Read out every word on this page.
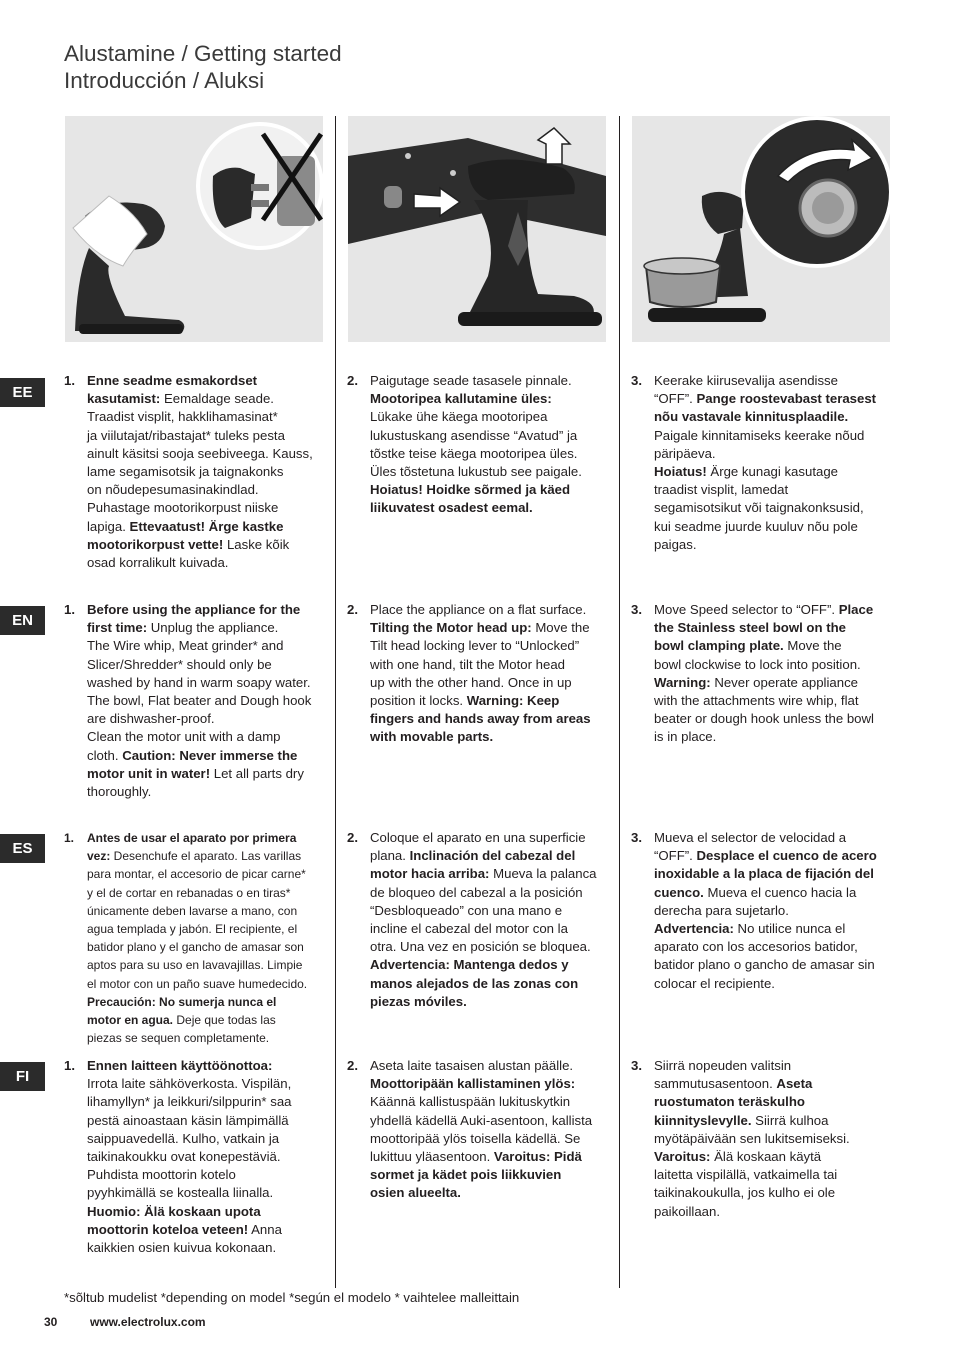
Alustamine / Getting started
Introducción / Aluksi
EE
EN
ES
FI
1. Enne seadme esmakordset
kasutamist: Eemaldage seade.
Traadist visplit, hakklihamasinat*
ja viilutajat/ribastajat* tuleks pesta
ainult käsitsi sooja seebiveega. Kauss,
lame segamisotsik ja taignakonks
on nõudepesumasinakindlad.
Puhastage mootorikorpust niiske
lapiga. Ettevaatust! Ärge kastke
mootorikorpust vette! Laske kõik
osad korralikult kuivada.
2. Paigutage seade tasasele pinnale.
Mootoripea kallutamine üles:
Lükake ühe käega mootoripea
lukustuskang asendisse “Avatud” ja
tõstke teise käega mootoripea üles.
Üles tõstetuna lukustub see paigale.
Hoiatus! Hoidke sõrmed ja käed
liikuvatest osadest eemal.
3. Keerake kiirusevalija asendisse
“OFF”. Pange roostevabast terasest
nõu vastavale kinnitusplaadile.
Paigale kinnitamiseks keerake nõud
päripäeva.
Hoiatus! Ärge kunagi kasutage
traadist visplit, lamedat
segamisotsikut või taignakonksusid,
kui seadme juurde kuuluv nõu pole
paigas.
1. Before using the appliance for the
first time: Unplug the appliance.
The Wire whip, Meat grinder* and
Slicer/Shredder* should only be
washed by hand in warm soapy water.
The bowl, Flat beater and Dough hook
are dishwasher-proof.
Clean the motor unit with a damp
cloth. Caution: Never immerse the
motor unit in water! Let all parts dry
thoroughly.
2. Place the appliance on a flat surface.
Tilting the Motor head up: Move the
Tilt head locking lever to “Unlocked”
with one hand, tilt the Motor head
up with the other hand. Once in up
position it locks. Warning: Keep
fingers and hands away from areas
with movable parts.
3. Move Speed selector to “OFF”. Place
the Stainless steel bowl on the
bowl clamping plate. Move the
bowl clockwise to lock into position.
Warning: Never operate appliance
with the attachments wire whip, flat
beater or dough hook unless the bowl
is in place.
1. Antes de usar el aparato por primera
vez: Desenchufe el aparato. Las varillas
para montar, el accesorio de picar carne*
y el de cortar en rebanadas o en tiras*
únicamente deben lavarse a mano, con
agua templada y jabón. El recipiente, el
batidor plano y el gancho de amasar son
aptos para su uso en lavavajillas. Limpie
el motor con un paño suave humedecido.
Precaución: No sumerja nunca el
motor en agua. Deje que todas las
piezas se sequen completamente.
2. Coloque el aparato en una superficie
plana. Inclinación del cabezal del
motor hacia arriba: Mueva la palanca
de bloqueo del cabezal a la posición
“Desbloqueado” con una mano e
incline el cabezal del motor con la
otra. Una vez en posición se bloquea.
Advertencia: Mantenga dedos y
manos alejados de las zonas con
piezas móviles.
3. Mueva el selector de velocidad a
“OFF”. Desplace el cuenco de acero
inoxidable a la placa de fijación del
cuenco. Mueva el cuenco hacia la
derecha para sujetarlo.
Advertencia: No utilice nunca el
aparato con los accesorios batidor,
batidor plano o gancho de amasar sin
colocar el recipiente.
1. Ennen laitteen käyttöönottoa:
Irrota laite sähköverkosta. Vispilän,
lihamyllyn* ja leikkuri/silppurin* saa
pestä ainoastaan käsin lämpimällä
saippuavedellä. Kulho, vatkain ja
taikinakoukku ovat konepestäviä.
Puhdista moottorin kotelo
pyyhkimällä se kostealla liinalla.
Huomio: Älä koskaan upota
moottorin koteloa veteen! Anna
kaikkien osien kuivua kokonaan.
2. Aseta laite tasaisen alustan päälle.
Moottoripään kallistaminen ylös:
Käännä kallistuspään lukituskytkin
yhdellä kädellä Auki-asentoon, kallista
moottoripää ylös toisella kädellä. Se
lukittuu yläasentoon. Varoitus: Pidä
sormet ja kädet pois liikkuvien
osien alueelta.
3. Siirrä nopeuden valitsin
sammutusasentoon. Aseta
ruostumaton teräskulho
kiinnityslevylle. Siirrä kulhoa
myötäpäivään sen lukitsemiseksi.
Varoitus: Älä koskaan käytä
laitetta vispilällä, vatkaimella tai
taikinakoukulla, jos kulho ei ole
paikoillaan.
*sõltub mudelist *depending on model *según el modelo * vaihtelee malleittain
30	www.electrolux.com
